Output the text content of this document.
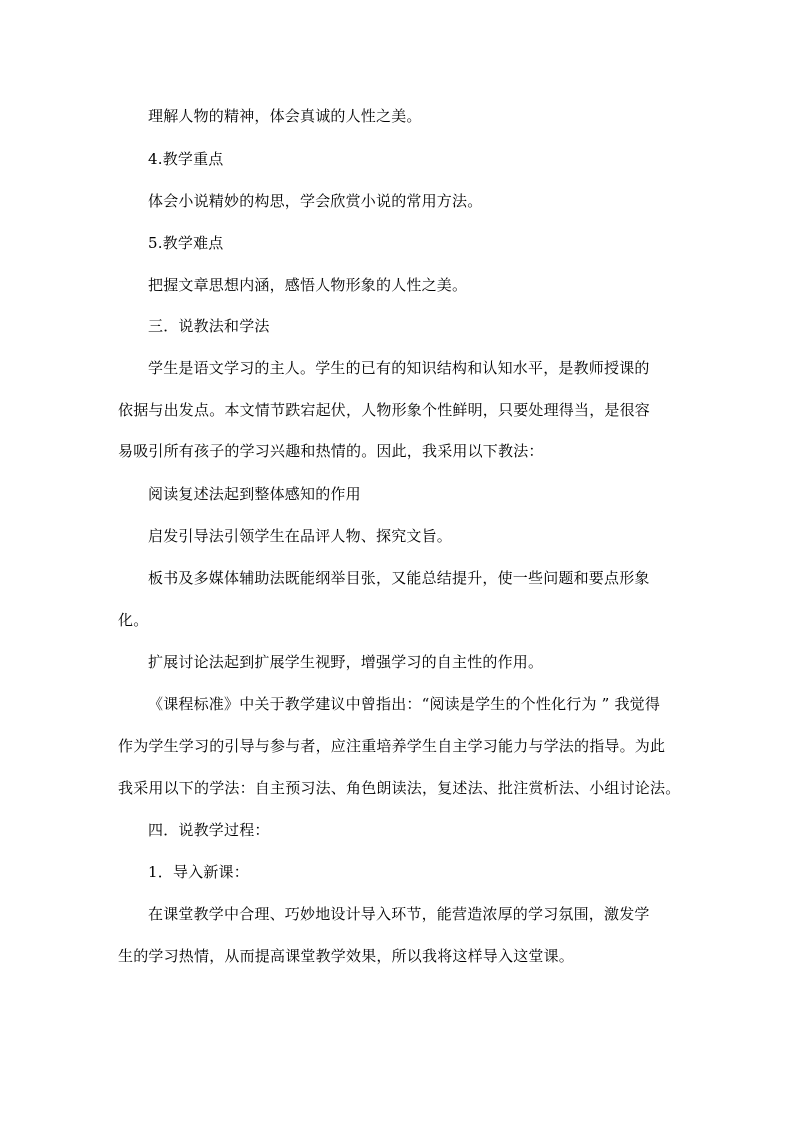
理解人物的精神，体会真诚的人性之美。
4.教学重点
体会小说精妙的构思，学会欣赏小说的常用方法。
5.教学难点
把握文章思想内涵，感悟人物形象的人性之美。
三．说教法和学法
学生是语文学习的主人。学生的已有的知识结构和认知水平，是教师授课的
依据与出发点。本文情节跌宕起伏，人物形象个性鲜明，只要处理得当，是很容
易吸引所有孩子的学习兴趣和热情的。因此，我采用以下教法：
阅读复述法起到整体感知的作用
启发引导法引领学生在品评人物、探究文旨。
板书及多媒体辅助法既能纲举目张，又能总结提升，使一些问题和要点形象
化。
扩展讨论法起到扩展学生视野，增强学习的自主性的作用。
《课程标准》中关于教学建议中曾指出：“阅读是学生的个性化行为 ” 我觉得
作为学生学习的引导与参与者，应注重培养学生自主学习能力与学法的指导。为此
我采用以下的学法：自主预习法、角色朗读法，复述法、批注赏析法、小组讨论法。
四．说教学过程：
1．导入新课：
在课堂教学中合理、巧妙地设计导入环节，能营造浓厚的学习氛围，激发学
生的学习热情，从而提高课堂教学效果，所以我将这样导入这堂课。
